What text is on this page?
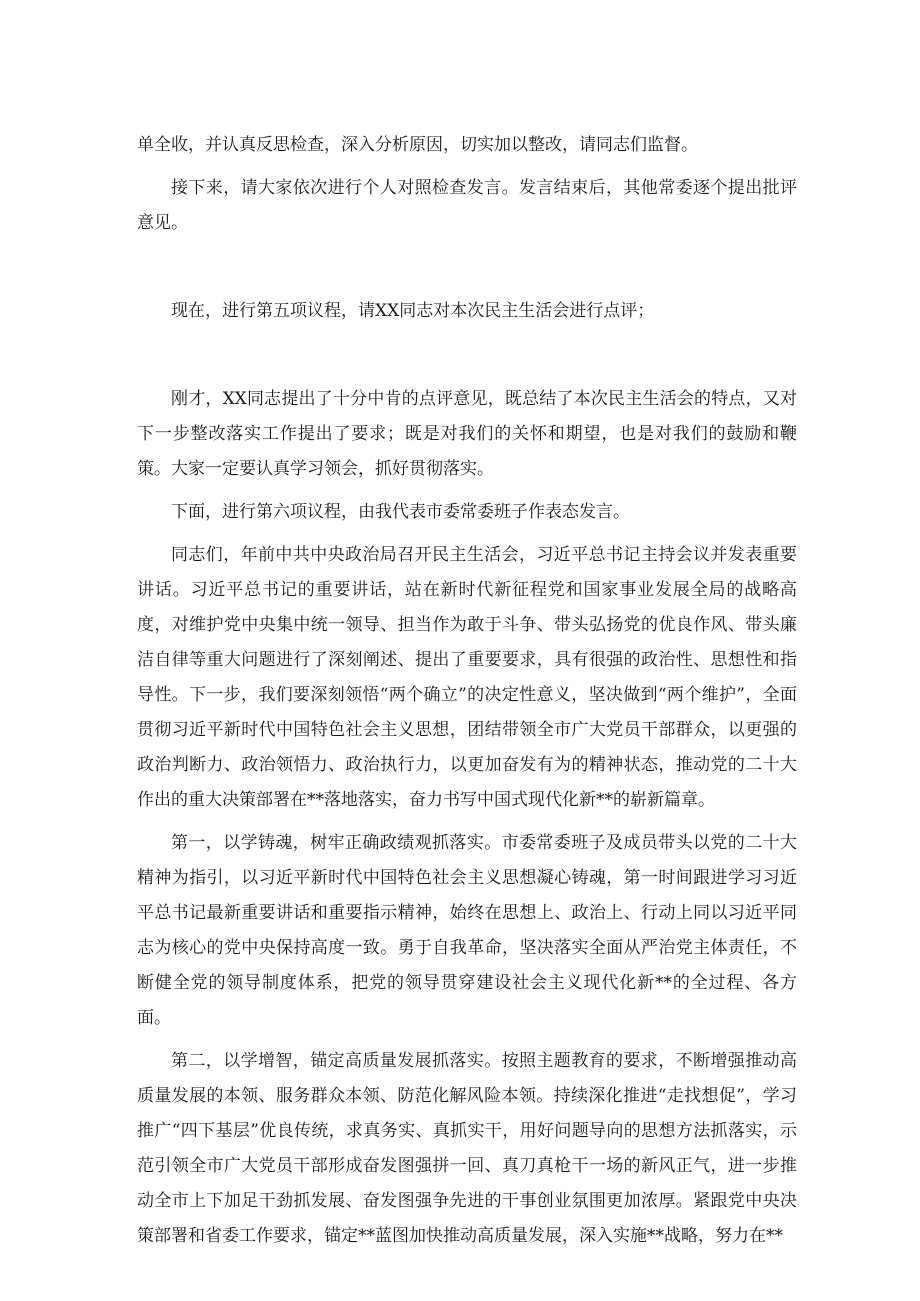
单全收，并认真反思检查，深入分析原因，切实加以整改，请同志们监督。

接下来，请大家依次进行个人对照检查发言。发言结束后，其他常委逐个提出批评意见。

现在，进行第五项议程，请XX同志对本次民主生活会进行点评；

刚才，XX同志提出了十分中肯的点评意见，既总结了本次民主生活会的特点，又对下一步整改落实工作提出了要求；既是对我们的关怀和期望，也是对我们的鼓励和鞭策。大家一定要认真学习领会，抓好贯彻落实。

下面，进行第六项议程，由我代表市委常委班子作表态发言。

同志们，年前中共中央政治局召开民主生活会，习近平总书记主持会议并发表重要讲话。习近平总书记的重要讲话，站在新时代新征程党和国家事业发展全局的战略高度，对维护党中央集中统一领导、担当作为敢于斗争、带头弘扬党的优良作风、带头廉洁自律等重大问题进行了深刻阐述、提出了重要要求，具有很强的政治性、思想性和指导性。下一步，我们要深刻领悟“两个确立”的决定性意义，坚决做到“两个维护”，全面贯彻习近平新时代中国特色社会主义思想，团结带领全市广大党员干部群众，以更强的政治判断力、政治领悟力、政治执行力，以更加奋发有为的精神状态，推动党的二十大作出的重大决策部署在**落地落实，奋力书写中国式现代化新**的崭新篇章。

第一，以学铸魂，树牢正确政绩观抓落实。市委常委班子及成员带头以党的二十大精神为指引，以习近平新时代中国特色社会主义思想凝心铸魂，第一时间跟进学习习近平总书记最新重要讲话和重要指示精神，始终在思想上、政治上、行动上同以习近平同志为核心的党中央保持高度一致。勇于自我革命，坚决落实全面从严治党主体责任，不断健全党的领导制度体系，把党的领导贯穿建设社会主义现代化新**的全过程、各方面。

第二，以学增智，锚定高质量发展抓落实。按照主题教育的要求，不断增强推动高质量发展的本领、服务群众本领、防范化解风险本领。持续深化推进“走找想促”，学习推广“四下基层”优良传统，求真务实、真抓实干，用好问题导向的思想方法抓落实，示范引领全市广大党员干部形成奋发图强拼一回、真刀真枪干一场的新风正气，进一步推动全市上下加足干劲抓发展、奋发图强争先进的干事创业氛围更加浓厚。紧跟党中央决策部署和省委工作要求，锚定**蓝图加快推动高质量发展，深入实施**战略，努力在**
